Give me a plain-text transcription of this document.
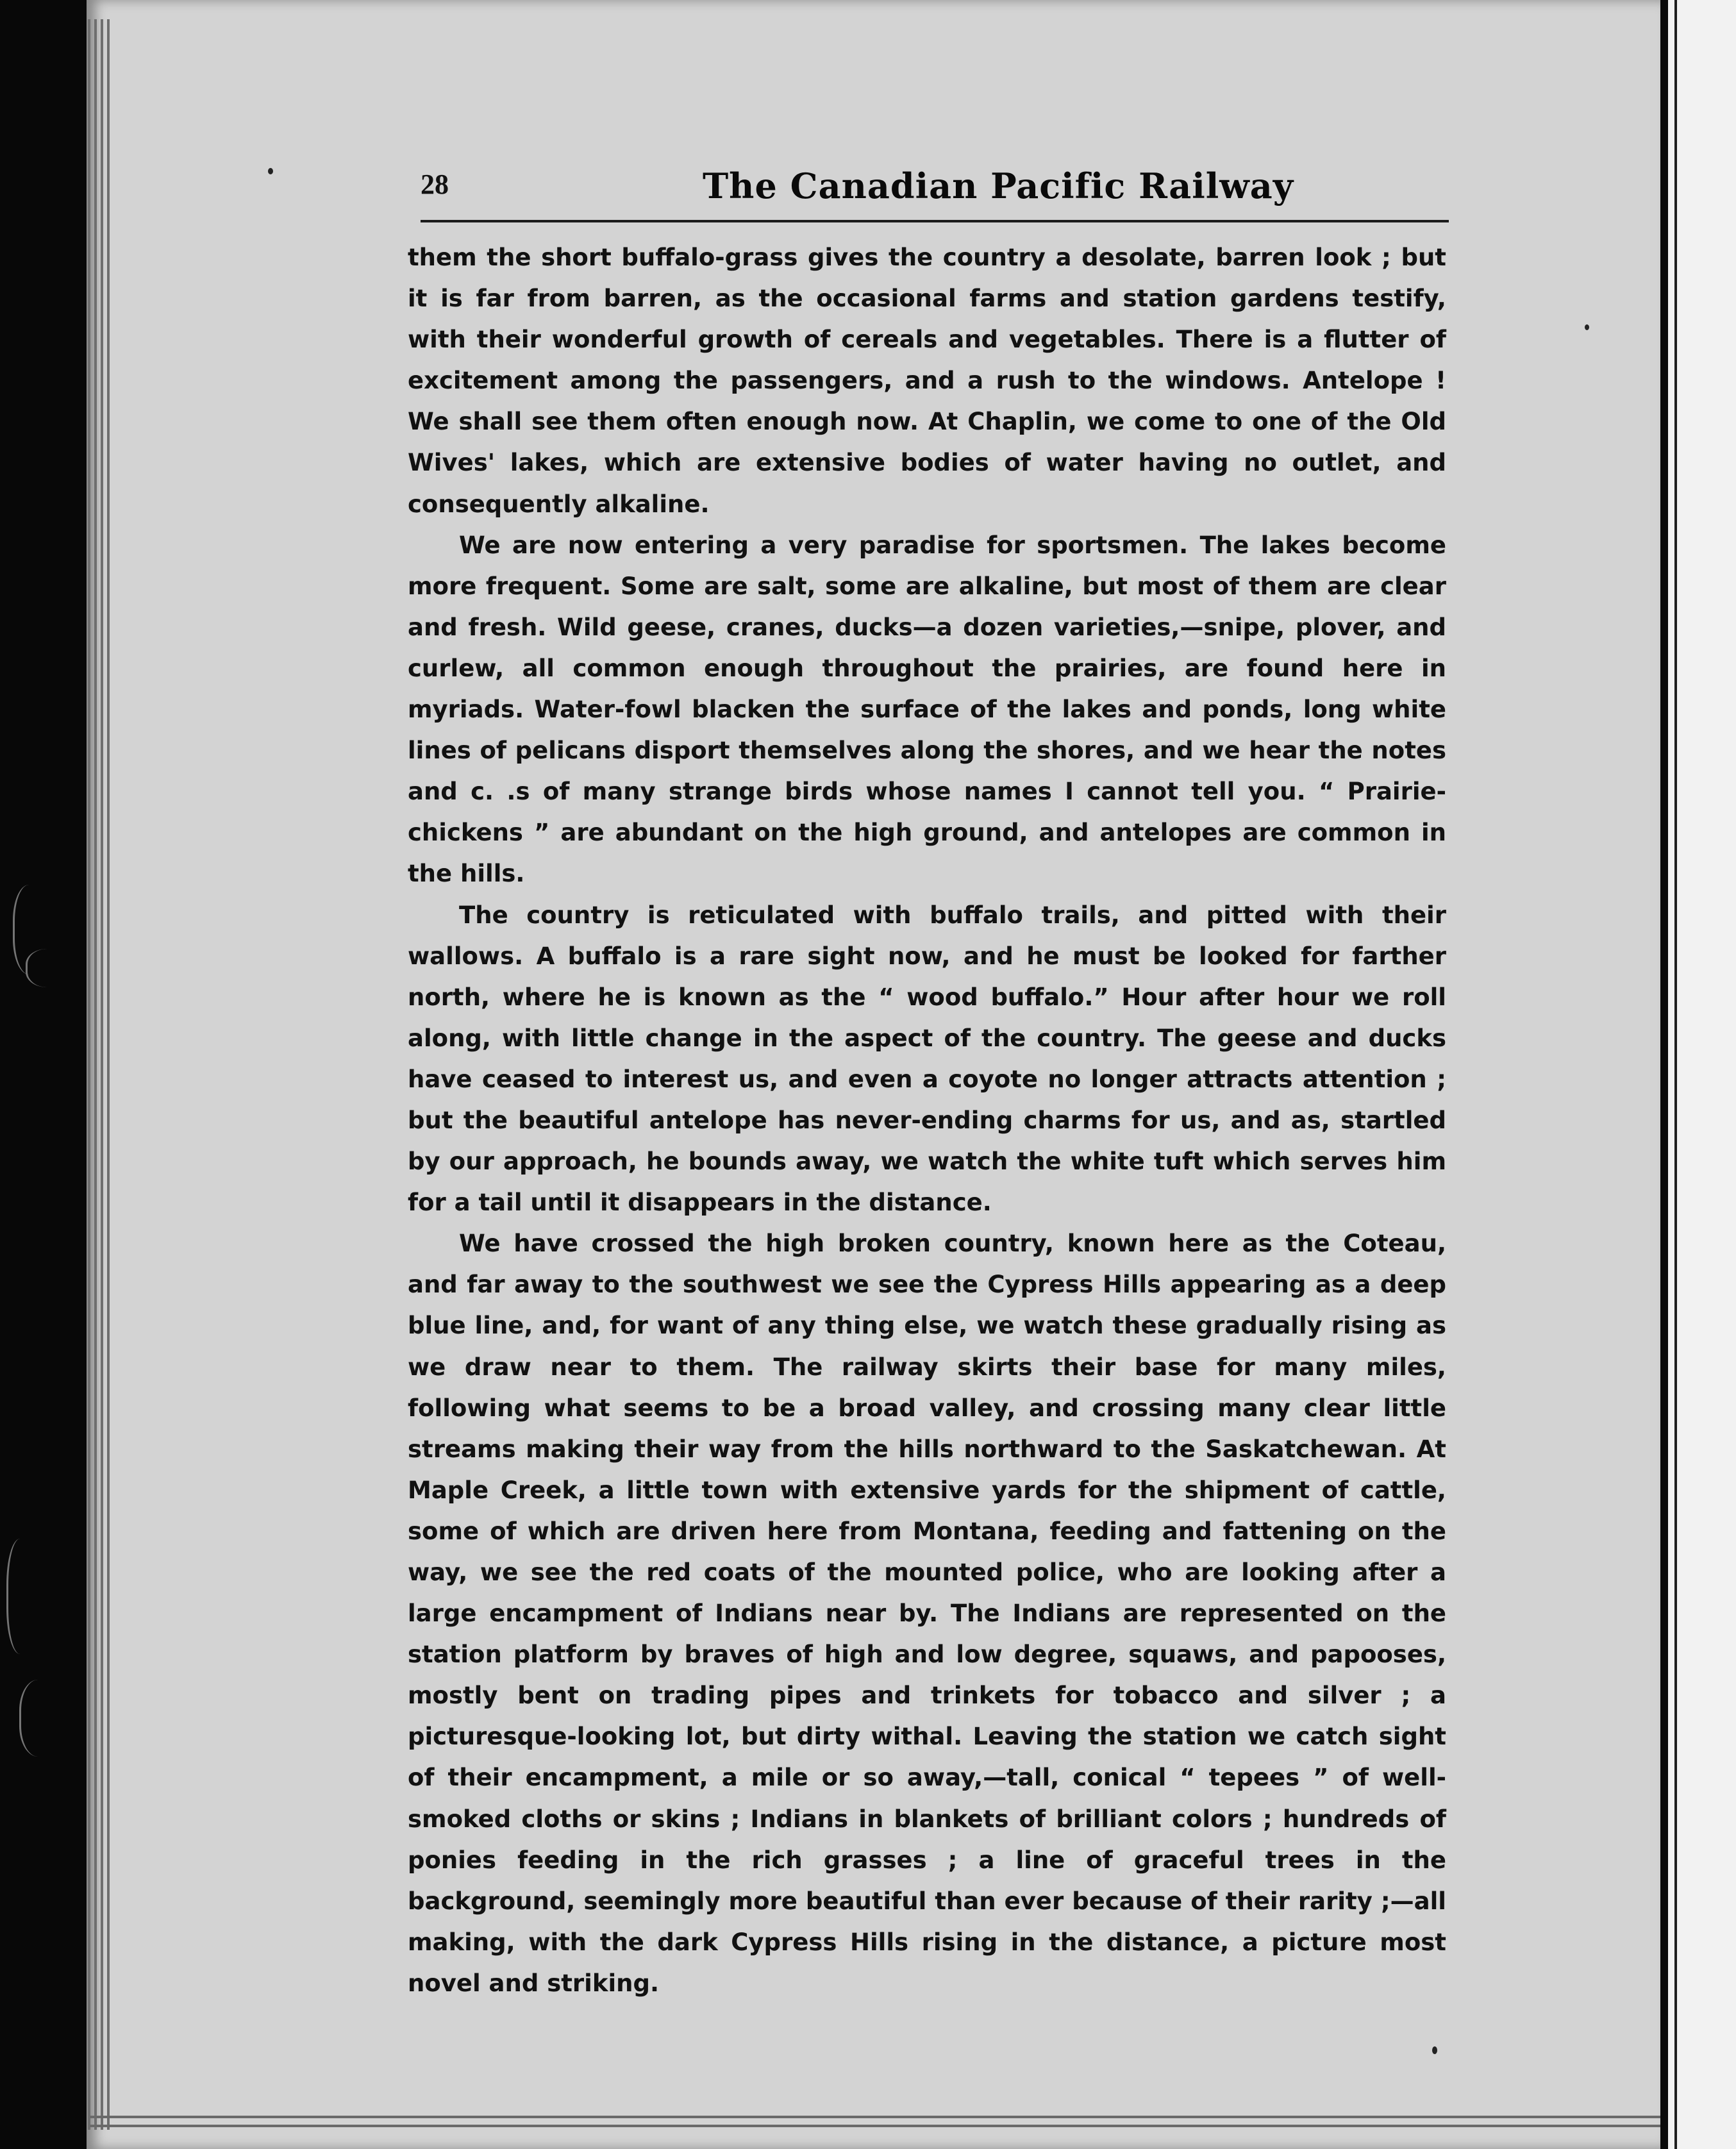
28	The Canadian Pacific Railway

them the short buffalo-grass gives the country a desolate, barren look ; but it is far from barren, as the occasional farms and station gardens testify, with their wonderful growth of cereals and vegetables. There is a flutter of excitement among the passengers, and a rush to the windows. Antelope ! We shall see them often enough now. At Chaplin, we come to one of the Old Wives' lakes, which are extensive bodies of water having no outlet, and consequently alkaline.

We are now entering a very paradise for sportsmen. The lakes become more frequent. Some are salt, some are alkaline, but most of them are clear and fresh. Wild geese, cranes, ducks—a dozen varieties,—snipe, plover, and curlew, all common enough throughout the prairies, are found here in myriads. Water-fowl blacken the surface of the lakes and ponds, long white lines of pelicans disport themselves along the shores, and we hear the notes and c. .s of many strange birds whose names I cannot tell you. “ Prairie-chickens ” are abundant on the high ground, and antelopes are common in the hills.

The country is reticulated with buffalo trails, and pitted with their wallows. A buffalo is a rare sight now, and he must be looked for farther north, where he is known as the “ wood buffalo.” Hour after hour we roll along, with little change in the aspect of the country. The geese and ducks have ceased to interest us, and even a coyote no longer attracts attention ; but the beautiful antelope has never-ending charms for us, and as, startled by our approach, he bounds away, we watch the white tuft which serves him for a tail until it disappears in the distance.

We have crossed the high broken country, known here as the Coteau, and far away to the southwest we see the Cypress Hills appearing as a deep blue line, and, for want of any thing else, we watch these gradually rising as we draw near to them. The railway skirts their base for many miles, following what seems to be a broad valley, and crossing many clear little streams making their way from the hills northward to the Saskatchewan. At Maple Creek, a little town with extensive yards for the shipment of cattle, some of which are driven here from Montana, feeding and fattening on the way, we see the red coats of the mounted police, who are looking after a large encampment of Indians near by. The Indians are represented on the station platform by braves of high and low degree, squaws, and papooses, mostly bent on trading pipes and trinkets for tobacco and silver ; a picturesque-looking lot, but dirty withal. Leaving the station we catch sight of their encampment, a mile or so away,—tall, conical “ tepees ” of well-smoked cloths or skins ; Indians in blankets of brilliant colors ; hundreds of ponies feeding in the rich grasses ; a line of graceful trees in the background, seemingly more beautiful than ever because of their rarity ;—all making, with the dark Cypress Hills rising in the distance, a picture most novel and striking.
